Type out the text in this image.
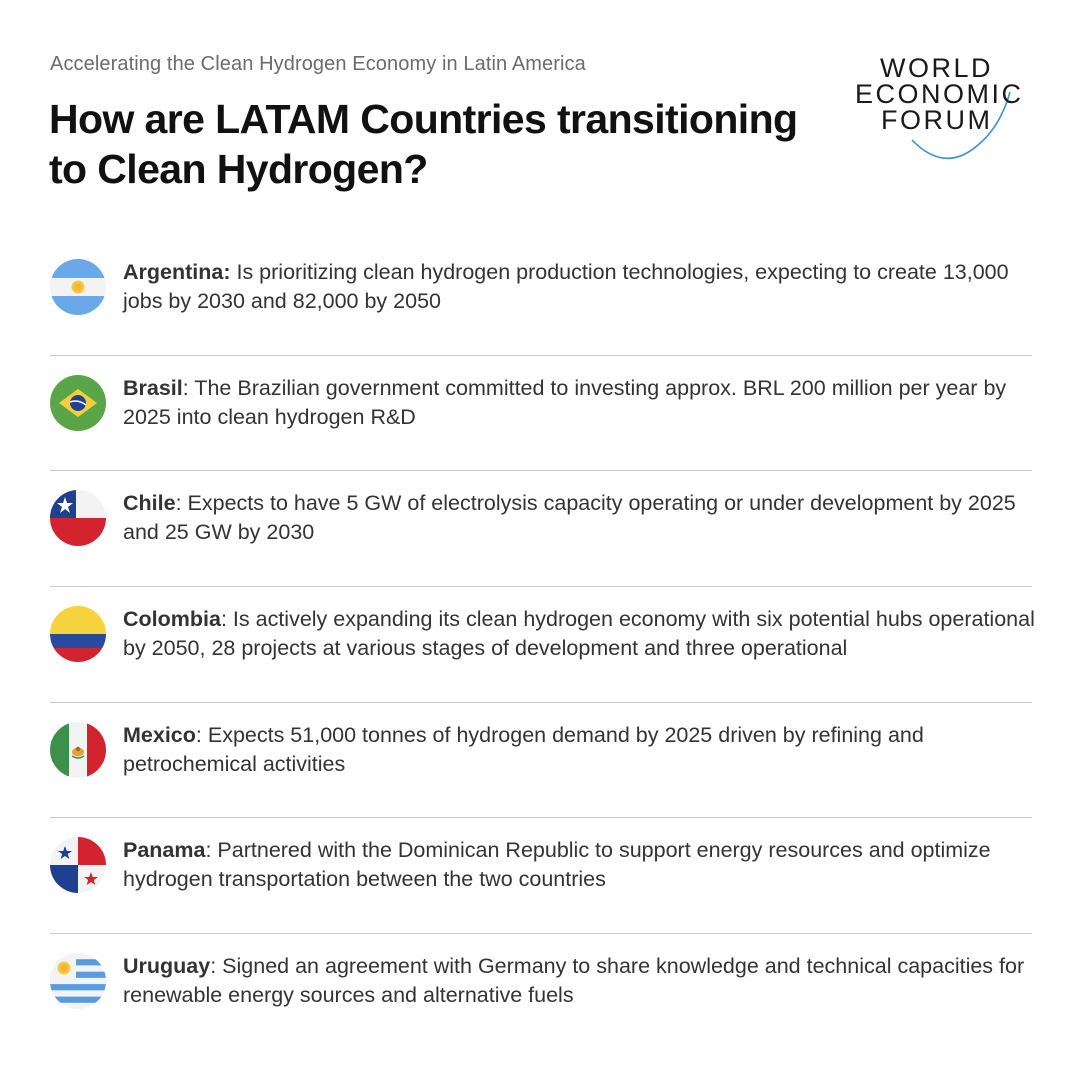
Accelerating the Clean Hydrogen Economy in Latin America
How are LATAM Countries transitioning to Clean Hydrogen?
WORLD
ECONOMIC
FORUM
Argentina: Is prioritizing clean hydrogen production technologies, expecting to create 13,000 jobs by 2030 and 82,000 by 2050
Brasil: The Brazilian government committed to investing approx. BRL 200 million per year by 2025 into clean hydrogen R&D
Chile: Expects to have 5 GW of electrolysis capacity operating or under development by 2025 and 25 GW by 2030
Colombia: Is actively expanding its clean hydrogen economy with six potential hubs operational by 2050, 28 projects at various stages of development and three operational
Mexico: Expects 51,000 tonnes of hydrogen demand by 2025 driven by refining and petrochemical activities
Panama: Partnered with the Dominican Republic to support energy resources and optimize hydrogen transportation between the two countries
Uruguay: Signed an agreement with Germany to share knowledge and technical capacities for renewable energy sources and alternative fuels
